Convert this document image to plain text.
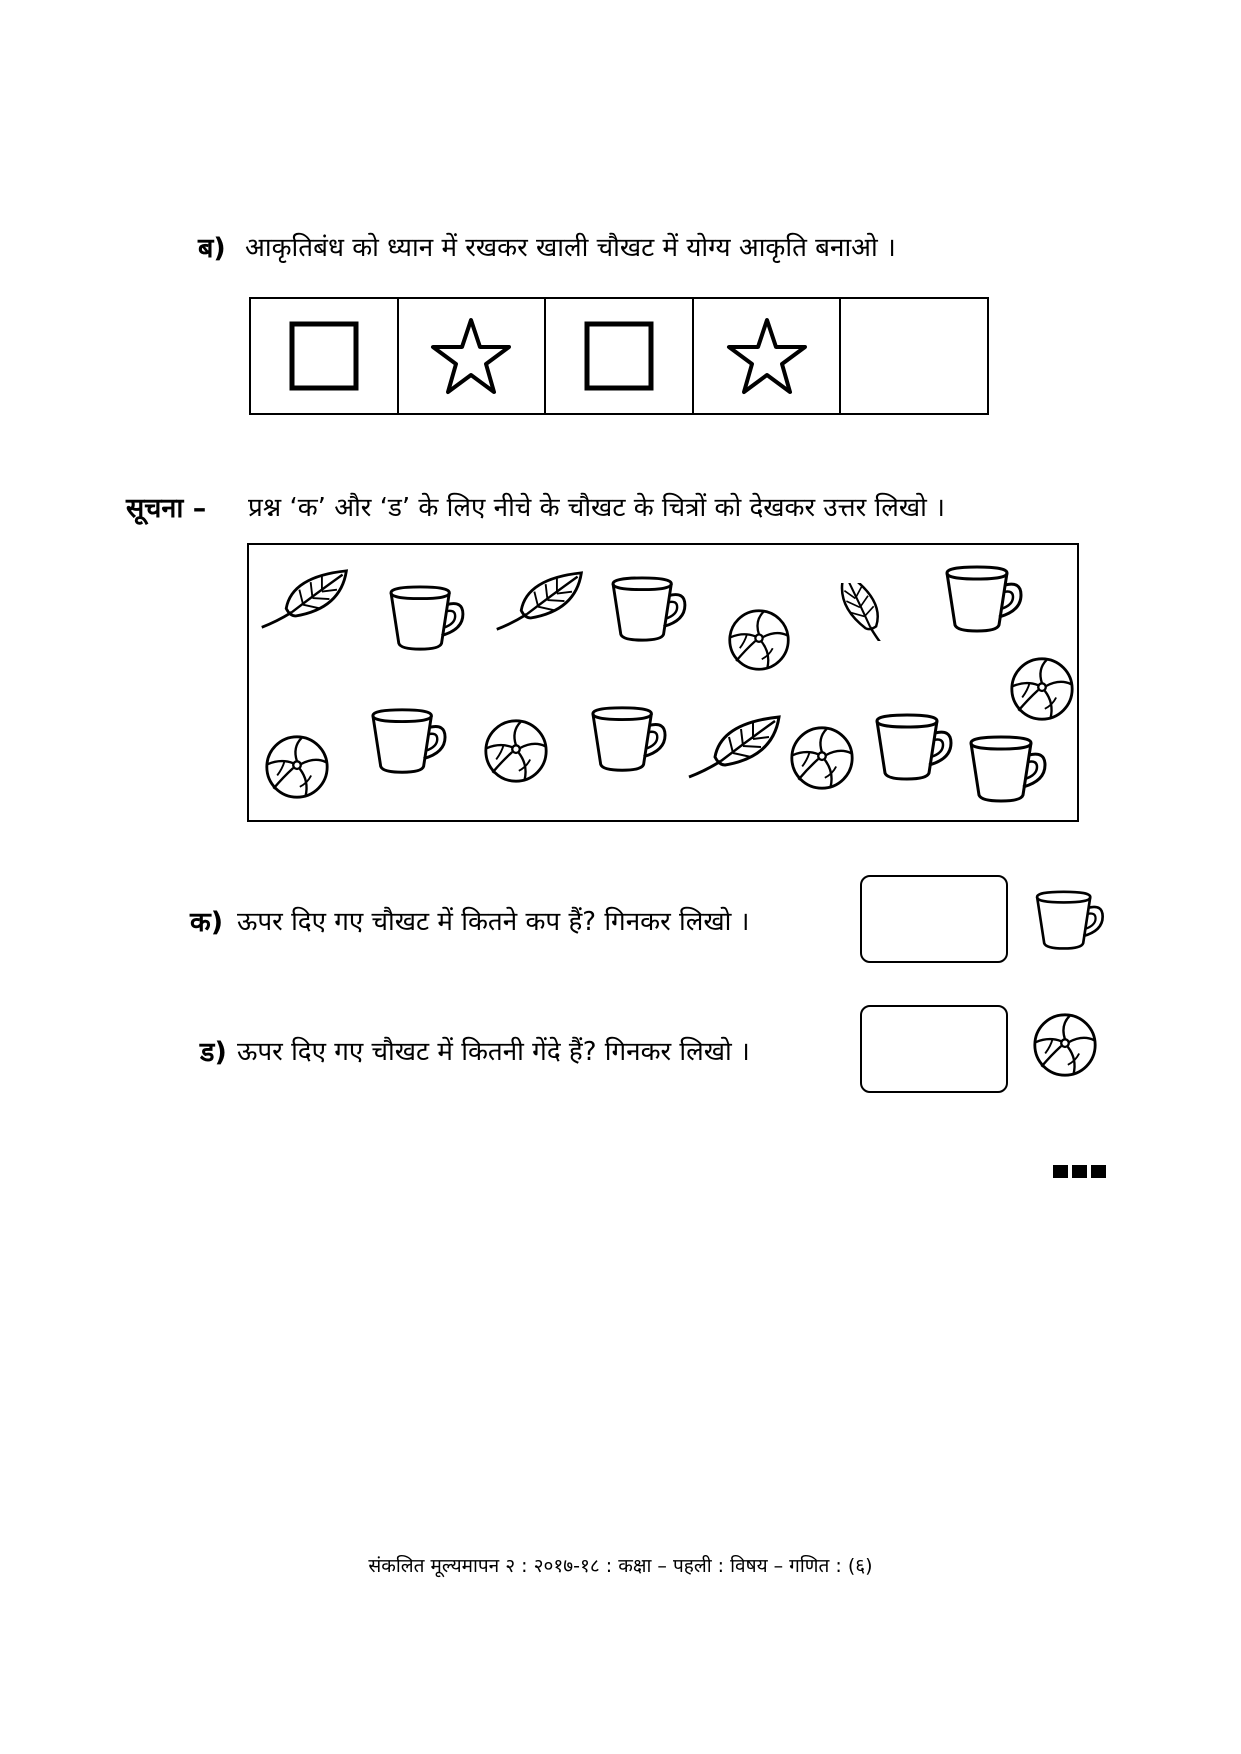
ब) आकृतिबंध को ध्यान में रखकर खाली चौखट में योग्य आकृति बनाओ ।
सूचना – प्रश्न ‘क’ और ‘ड’ के लिए नीचे के चौखट के चित्रों को देखकर उत्तर लिखो ।
क) ऊपर दिए गए चौखट में कितने कप हैं? गिनकर लिखो ।
ड) ऊपर दिए गए चौखट में कितनी गेंदे हैं? गिनकर लिखो ।
संकलित मूल्यमापन २ : २०१७-१८ : कक्षा – पहली : विषय – गणित : (६)
